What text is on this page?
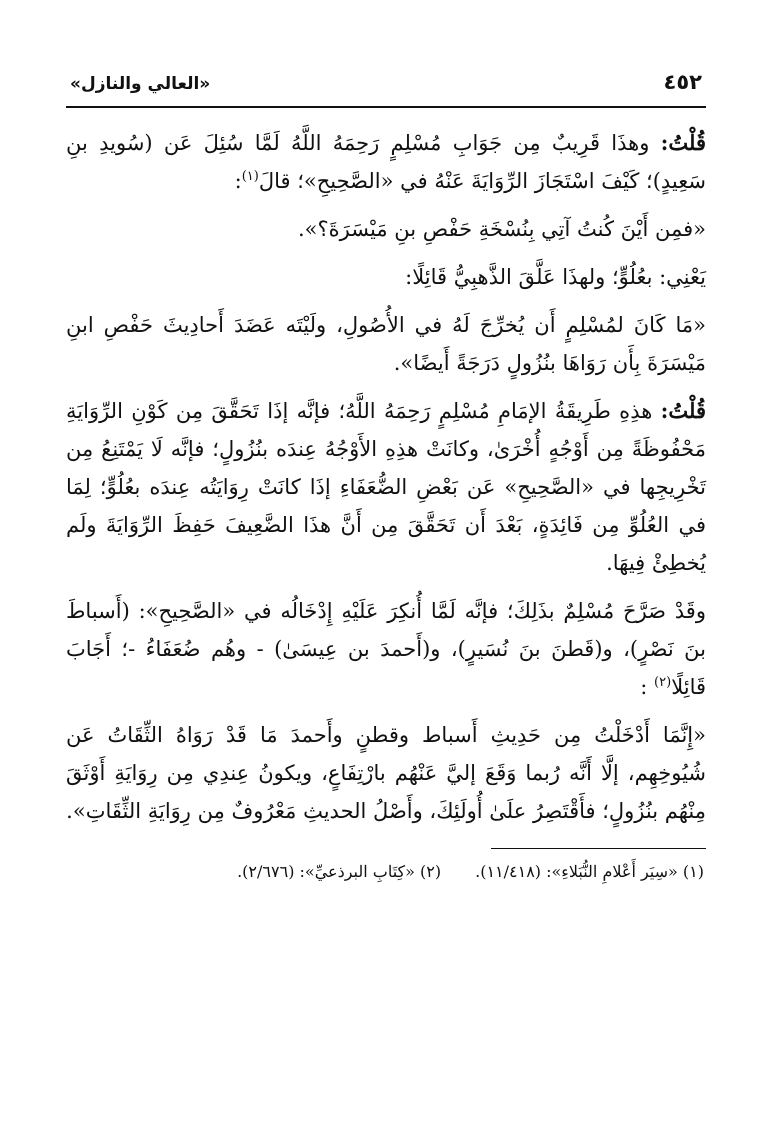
٤٥٢
«العالي والنازل»

قُلْتُ: وهذَا قَرِيبٌ مِن جَوَابِ مُسْلِمٍ رَحِمَهُ اللَّهُ لَمَّا سُئِلَ عَن (سُويدِ بنِ سَعِيدٍ)؛ كَيْفَ اسْتَجَازَ الرِّوَايَةَ عَنْهُ في «الصَّحِيحِ»؛ قالَ$^{(١)}$:

«فمِن أَيْنَ كُنتُ آتِي بِنُسْخَةِ حَفْصِ بنِ مَيْسَرَةَ؟».

يَعْنِي: بعُلُوٍّ؛ ولهذَا عَلَّقَ الذَّهبِيُّ قَائِلًا:

«مَا كَانَ لمُسْلِمٍ أَن يُخرِّجَ لَهُ في الأُصُولِ، ولَيْتَه عَضَدَ أَحادِيثَ حَفْصِ ابنِ مَيْسَرَةَ بِأَن رَوَاهَا بنُزُولٍ دَرَجَةً أَيضًا».

قُلْتُ: هذِهِ طَرِيقَةُ الإمَامِ مُسْلِمٍ رَحِمَهُ اللَّهُ؛ فإنَّه إذَا تَحَقَّقَ مِن كَوْنِ الرِّوَايَةِ مَحْفُوظَةً مِن أَوْجُهٍ أُخْرَىٰ، وكانَتْ هذِهِ الأَوْجُهُ عِندَه بنُزُولٍ؛ فإنَّه لَا يَمْتَنِعُ مِن تَخْرِيجِها في «الصَّحِيحِ» عَن بَعْضِ الضُّعَفَاءِ إذَا كانَتْ رِوَايَتُه عِندَه بعُلُوٍّ؛ لِمَا في العُلُوِّ مِن فَائِدَةٍ، بَعْدَ أَن تَحَقَّقَ مِن أَنَّ هذَا الضَّعِيفَ حَفِظَ الرِّوَايَةَ ولَم يُخطِئْ فِيهَا.

وقَدْ صَرَّحَ مُسْلِمٌ بذَلِكَ؛ فإنَّه لَمَّا أُنكِرَ عَلَيْهِ إِدْخَالُه في «الصَّحِيحِ»: (أَسباطَ بنَ نَصْرٍ)، و(قَطنَ بنَ نُسَيرٍ)، و(أَحمدَ بن عِيسَىٰ) - وهُم ضُعَفَاءُ -؛ أَجَابَ قَائِلًا$^{(٢)}$ :

«إِنَّمَا أَدْخَلْتُ مِن حَدِيثِ أَسباط وقطنٍ وأَحمدَ مَا قَدْ رَوَاهُ الثِّقَاتُ عَن شُيُوخِهِم، إلَّا أَنَّه رُبما وَقَعَ إليَّ عَنْهُم بارْتِفَاعٍ، ويكونُ عِندِي مِن رِوَايَةِ أَوْثَقَ مِنْهُم بنُزُولٍ؛ فأَقْتَصِرُ علَىٰ أُولَئِكَ، وأَصْلُ الحديثِ مَعْرُوفٌ مِن رِوَايَةِ الثِّقَاتِ».

(١) «سِيَر أَعْلامِ النُّبَلاءِ»: (١١/٤١٨).
(٢) «كِتَابِ البرذعيِّ»: (٢/٦٧٦).
